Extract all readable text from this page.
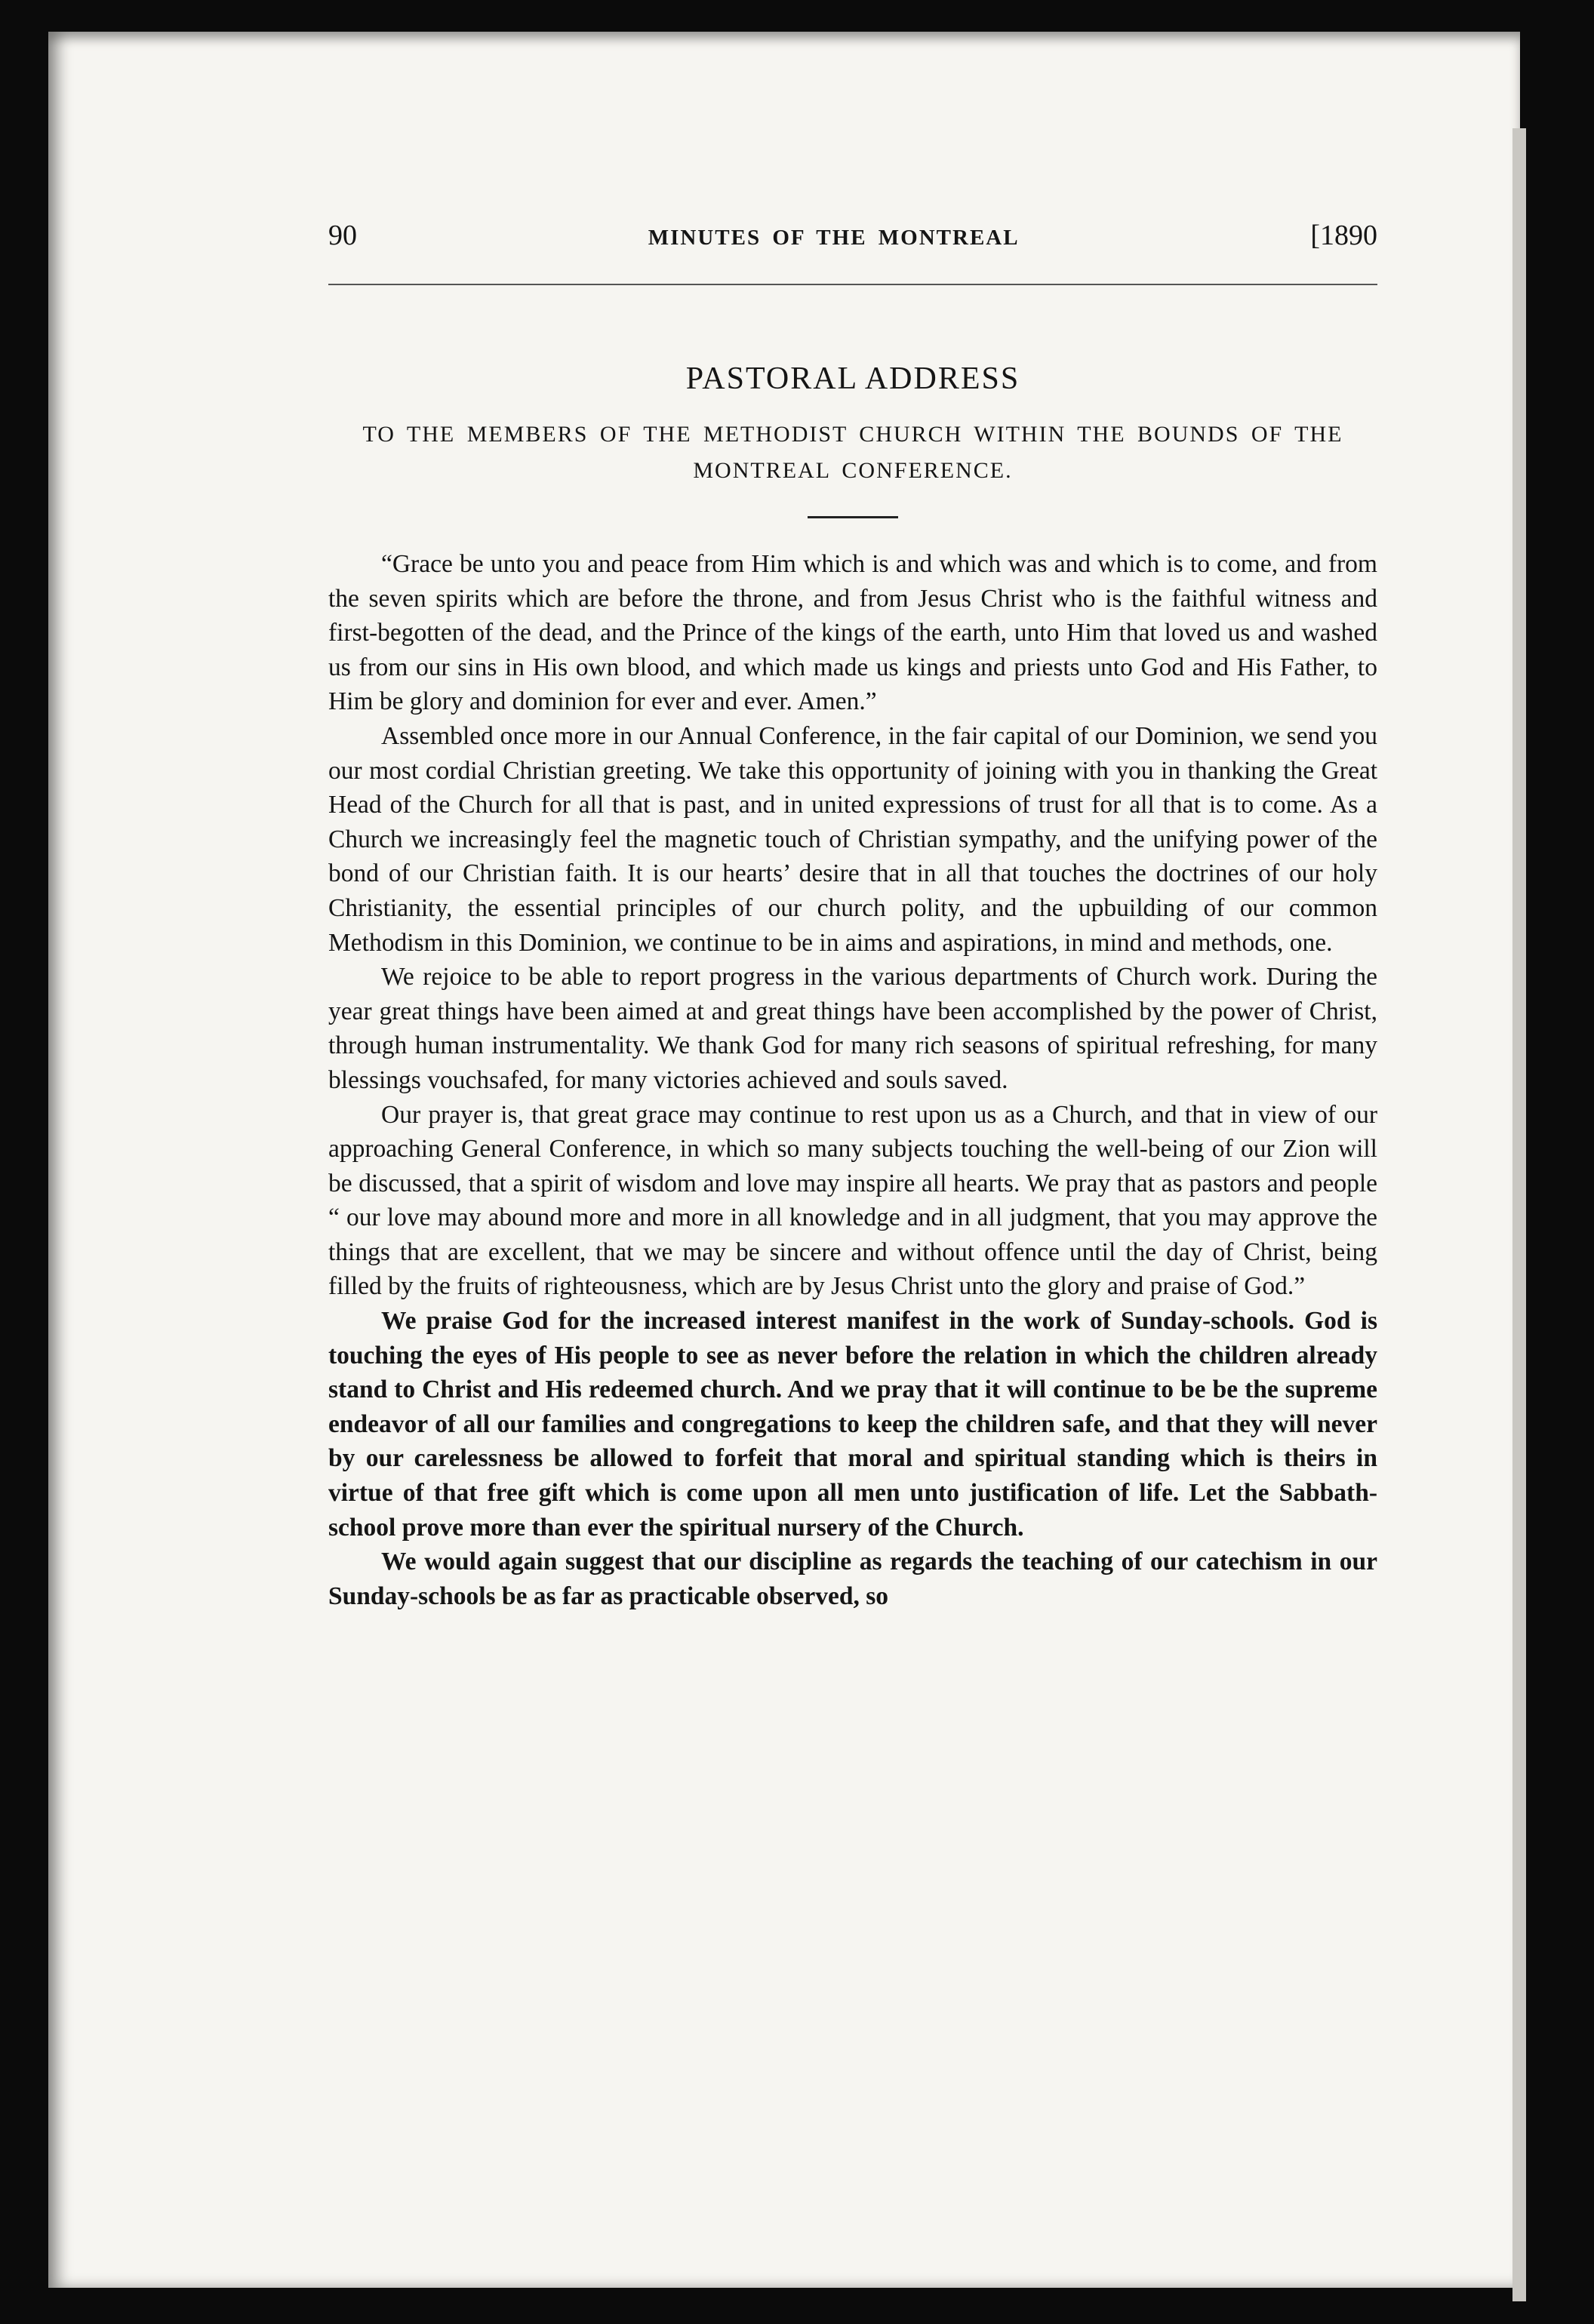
90	MINUTES OF THE MONTREAL	[1890
PASTORAL ADDRESS
TO THE MEMBERS OF THE METHODIST CHURCH WITHIN THE BOUNDS OF THE MONTREAL CONFERENCE.

“Grace be unto you and peace from Him which is and which was and which is to come, and from the seven spirits which are before the throne, and from Jesus Christ who is the faithful witness and first-begotten of the dead, and the Prince of the kings of the earth, unto Him that loved us and washed us from our sins in His own blood, and which made us kings and priests unto God and His Father, to Him be glory and dominion for ever and ever. Amen.”

Assembled once more in our Annual Conference, in the fair capital of our Dominion, we send you our most cordial Christian greeting. We take this opportunity of joining with you in thanking the Great Head of the Church for all that is past, and in united expressions of trust for all that is to come. As a Church we increasingly feel the magnetic touch of Christian sympathy, and the unifying power of the bond of our Christian faith. It is our hearts’ desire that in all that touches the doctrines of our holy Christianity, the essential principles of our church polity, and the upbuilding of our common Methodism in this Dominion, we continue to be in aims and aspirations, in mind and methods, one.

We rejoice to be able to report progress in the various departments of Church work. During the year great things have been aimed at and great things have been accomplished by the power of Christ, through human instrumentality. We thank God for many rich seasons of spiritual refreshing, for many blessings vouchsafed, for many victories achieved and souls saved.

Our prayer is, that great grace may continue to rest upon us as a Church, and that in view of our approaching General Conference, in which so many subjects touching the well-being of our Zion will be discussed, that a spirit of wisdom and love may inspire all hearts. We pray that as pastors and people “ our love may abound more and more in all knowledge and in all judgment, that you may approve the things that are excellent, that we may be sincere and without offence until the day of Christ, being filled by the fruits of righteousness, which are by Jesus Christ unto the glory and praise of God.”

We praise God for the increased interest manifest in the work of Sunday-schools. God is touching the eyes of His people to see as never before the relation in which the children already stand to Christ and His redeemed church. And we pray that it will continue to be be the supreme endeavor of all our families and congregations to keep the children safe, and that they will never by our carelessness be allowed to forfeit that moral and spiritual standing which is theirs in virtue of that free gift which is come upon all men unto justification of life. Let the Sabbath-school prove more than ever the spiritual nursery of the Church.

We would again suggest that our discipline as regards the teaching of our catechism in our Sunday-schools be as far as practicable observed, so
